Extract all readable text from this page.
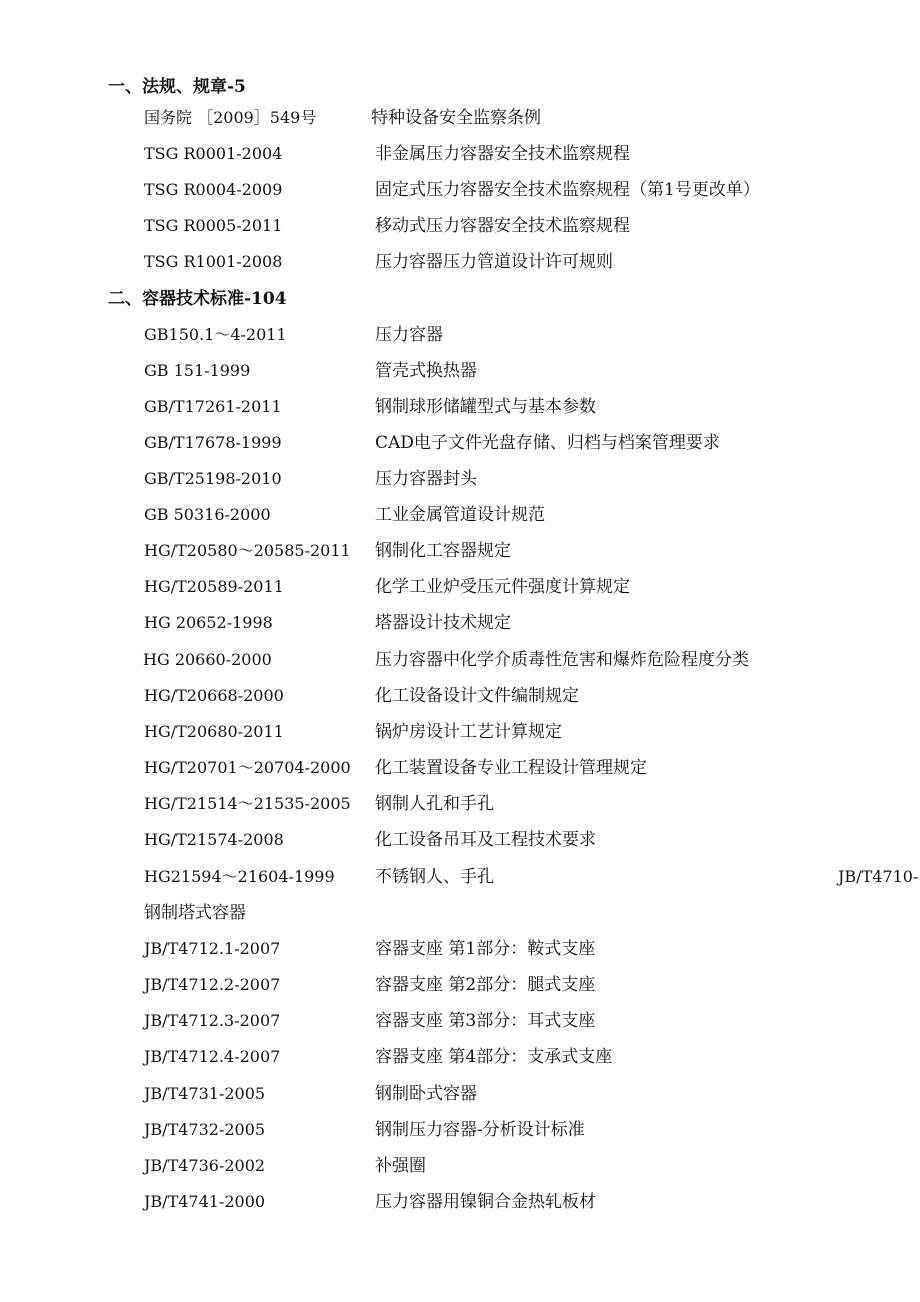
一、法规、规章-5
国务院 ［2009］549号	特种设备安全监察条例
TSG R0001-2004	非金属压力容器安全技术监察规程
TSG R0004-2009	固定式压力容器安全技术监察规程（第1号更改单）
TSG R0005-2011	移动式压力容器安全技术监察规程
TSG R1001-2008	压力容器压力管道设计许可规则
二、容器技术标准-104
GB150.1～4-2011	压力容器
GB 151-1999	管壳式换热器
GB/T17261-2011	钢制球形储罐型式与基本参数
GB/T17678-1999	CAD电子文件光盘存储、归档与档案管理要求
GB/T25198-2010	压力容器封头
GB 50316-2000	工业金属管道设计规范
HG/T20580～20585-2011 钢制化工容器规定
HG/T20589-2011	化学工业炉受压元件强度计算规定
HG 20652-1998	塔器设计技术规定
HG 20660-2000	压力容器中化学介质毒性危害和爆炸危险程度分类
HG/T20668-2000	化工设备设计文件编制规定
HG/T20680-2011	锅炉房设计工艺计算规定
HG/T20701～20704-2000 化工装置设备专业工程设计管理规定
HG/T21514～21535-2005 钢制人孔和手孔
HG/T21574-2008	化工设备吊耳及工程技术要求
HG21594～21604-1999 不锈钢人、手孔	JB/T4710-
钢制塔式容器
JB/T4712.1-2007	容器支座 第1部分：鞍式支座
JB/T4712.2-2007	容器支座 第2部分：腿式支座
JB/T4712.3-2007	容器支座 第3部分：耳式支座
JB/T4712.4-2007	容器支座 第4部分：支承式支座
JB/T4731-2005	钢制卧式容器
JB/T4732-2005	钢制压力容器-分析设计标准
JB/T4736-2002	补强圈
JB/T4741-2000	压力容器用镍铜合金热轧板材
